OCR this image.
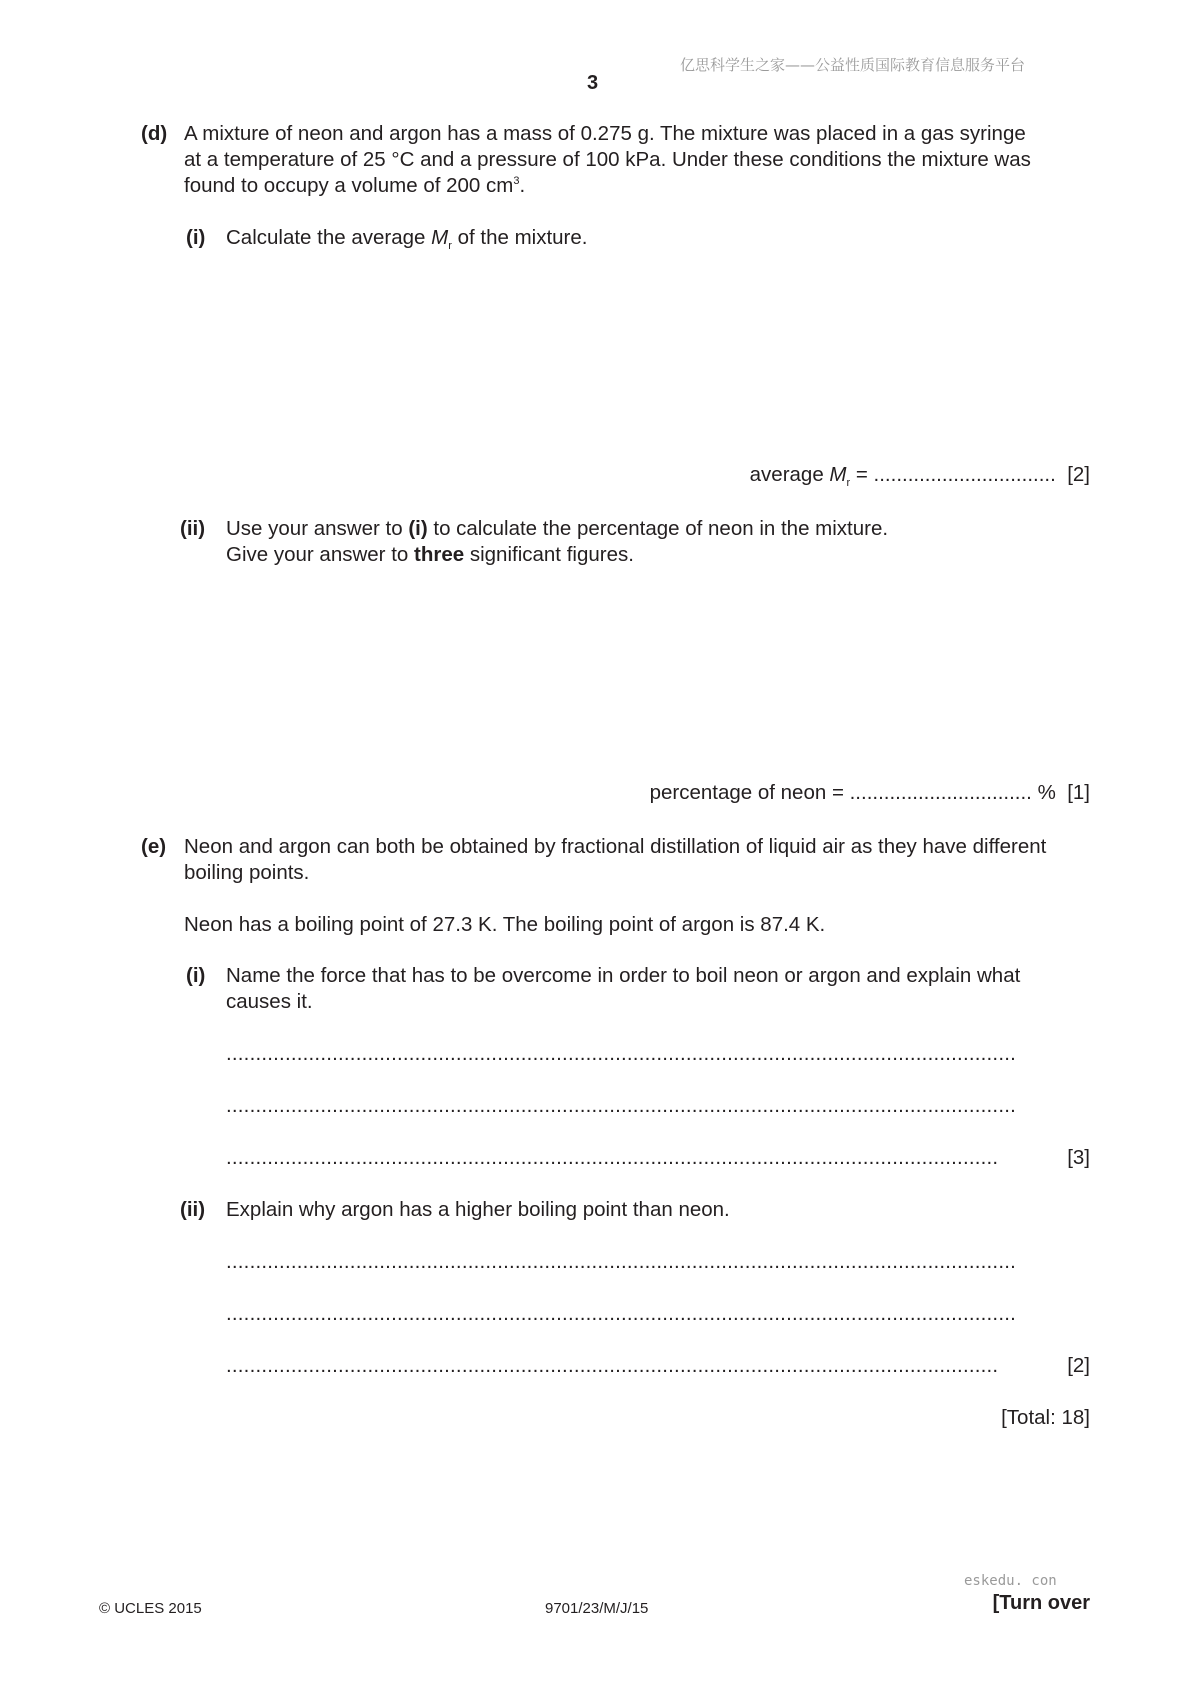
亿思科学生之家——公益性质国际教育信息服务平台
3
(d) A mixture of neon and argon has a mass of 0.275 g. The mixture was placed in a gas syringe
at a temperature of 25 °C and a pressure of 100 kPa. Under these conditions the mixture was
found to occupy a volume of 200 $cm^3$.
(i) Calculate the average $M_r$ of the mixture.
average $M_r$ = ................................ [2]
(ii) Use your answer to (i) to calculate the percentage of neon in the mixture.
Give your answer to three significant figures.
percentage of neon = ................................ % [1]
(e) Neon and argon can both be obtained by fractional distillation of liquid air as they have different
boiling points.
Neon has a boiling point of 27.3 K. The boiling point of argon is 87.4 K.
(i) Name the force that has to be overcome in order to boil neon or argon and explain what
causes it.
......................................................................................................................................
......................................................................................................................................
...................................................................................................................................	[3]
(ii) Explain why argon has a higher boiling point than neon.
......................................................................................................................................
......................................................................................................................................
...................................................................................................................................	[2]
[Total: 18]
eskedu. con
© UCLES 2015	9701/23/M/J/15	[Turn over
